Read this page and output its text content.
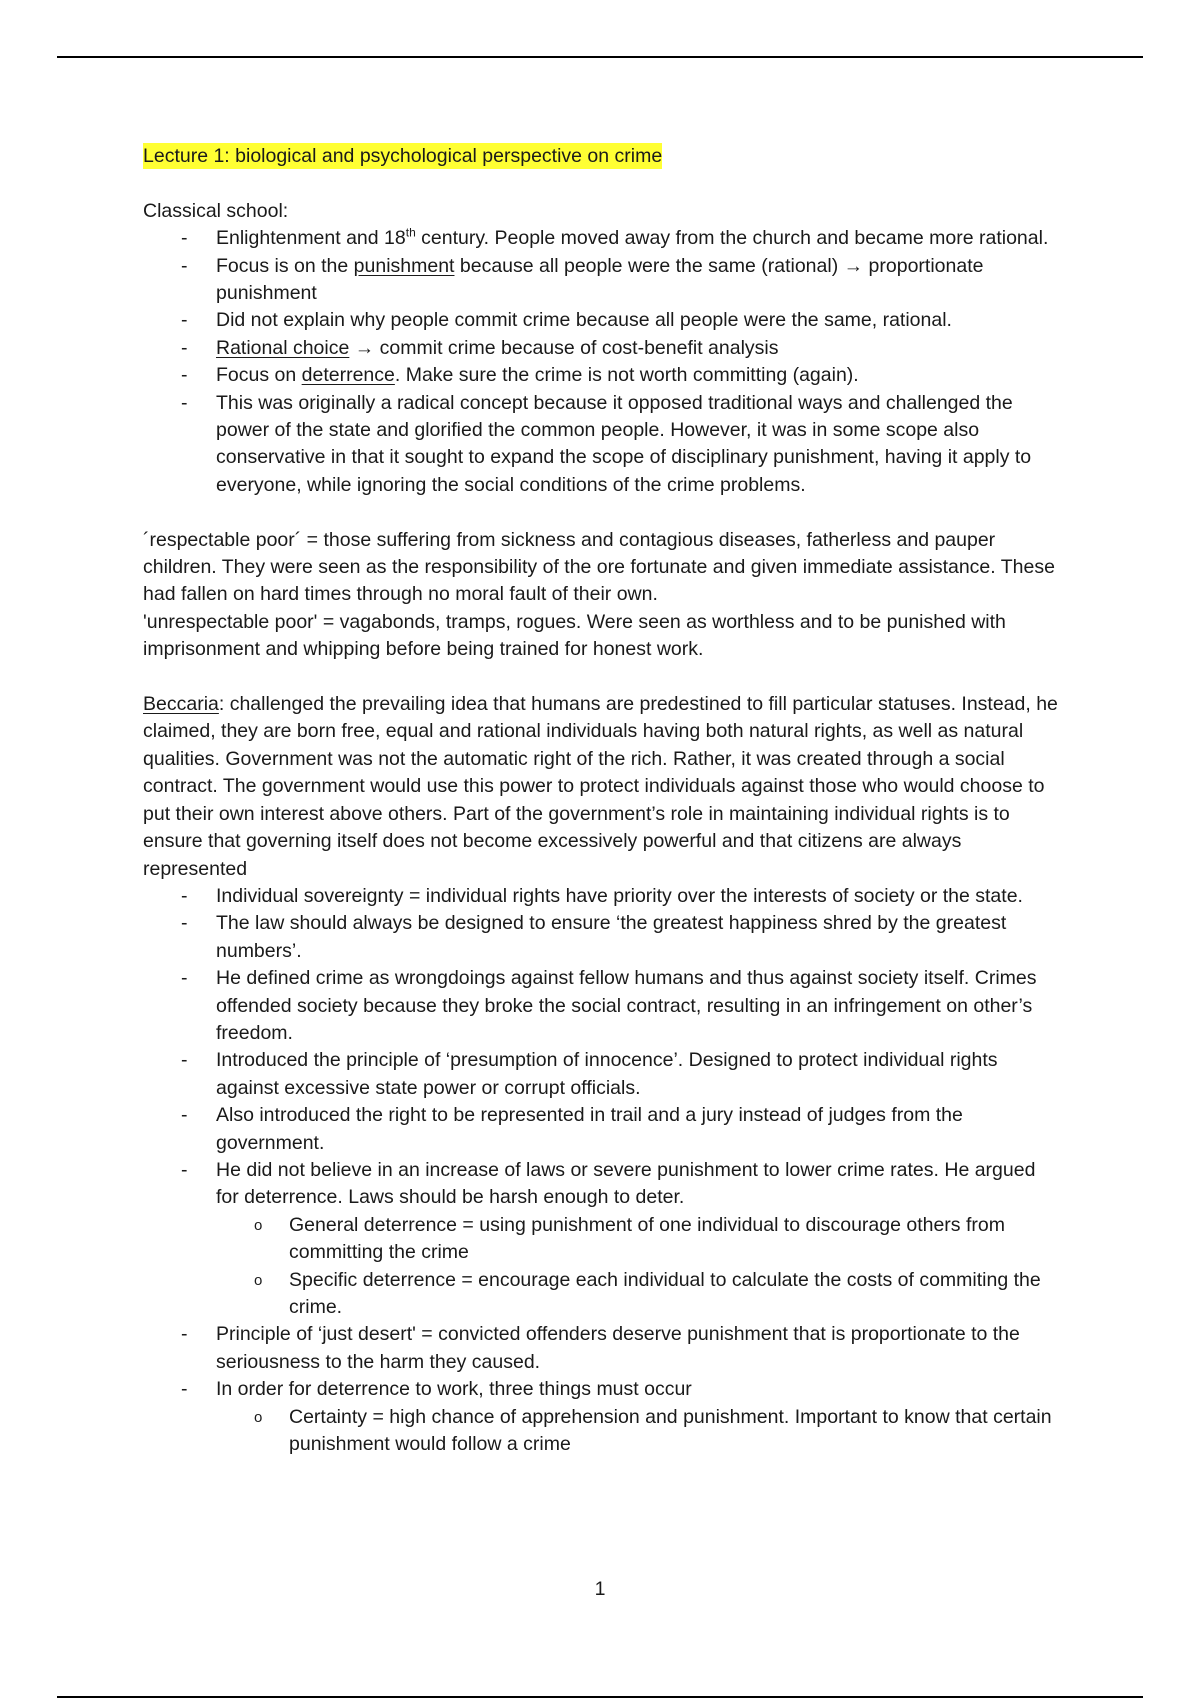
Lecture 1: biological and psychological perspective on crime

Classical school:

- Enlightenment and 18th century. People moved away from the church and became more rational.
- Focus is on the punishment because all people were the same (rational) → proportionate punishment
- Did not explain why people commit crime because all people were the same, rational.
- Rational choice → commit crime because of cost-benefit analysis
- Focus on deterrence. Make sure the crime is not worth committing (again).
- This was originally a radical concept because it opposed traditional ways and challenged the power of the state and glorified the common people. However, it was in some scope also conservative in that it sought to expand the scope of disciplinary punishment, having it apply to everyone, while ignoring the social conditions of the crime problems.

´respectable poor´ = those suffering from sickness and contagious diseases, fatherless and pauper children. They were seen as the responsibility of the ore fortunate and given immediate assistance. These had fallen on hard times through no moral fault of their own.

'unrespectable poor' = vagabonds, tramps, rogues. Were seen as worthless and to be punished with imprisonment and whipping before being trained for honest work.

Beccaria: challenged the prevailing idea that humans are predestined to fill particular statuses. Instead, he claimed, they are born free, equal and rational individuals having both natural rights, as well as natural qualities. Government was not the automatic right of the rich. Rather, it was created through a social contract. The government would use this power to protect individuals against those who would choose to put their own interest above others. Part of the government’s role in maintaining individual rights is to ensure that governing itself does not become excessively powerful and that citizens are always represented

- Individual sovereignty = individual rights have priority over the interests of society or the state.
- The law should always be designed to ensure ‘the greatest happiness shred by the greatest numbers’.
- He defined crime as wrongdoings against fellow humans and thus against society itself. Crimes offended society because they broke the social contract, resulting in an infringement on other’s freedom.
- Introduced the principle of ‘presumption of innocence’. Designed to protect individual rights against excessive state power or corrupt officials.
- Also introduced the right to be represented in trail and a jury instead of judges from the government.
- He did not believe in an increase of laws or severe punishment to lower crime rates. He argued for deterrence. Laws should be harsh enough to deter.
o General deterrence = using punishment of one individual to discourage others from committing the crime
o Specific deterrence = encourage each individual to calculate the costs of commiting the crime.
- Principle of ‘just desert' = convicted offenders deserve punishment that is proportionate to the seriousness to the harm they caused.
- In order for deterrence to work, three things must occur
o Certainty = high chance of apprehension and punishment. Important to know that certain punishment would follow a crime
1
